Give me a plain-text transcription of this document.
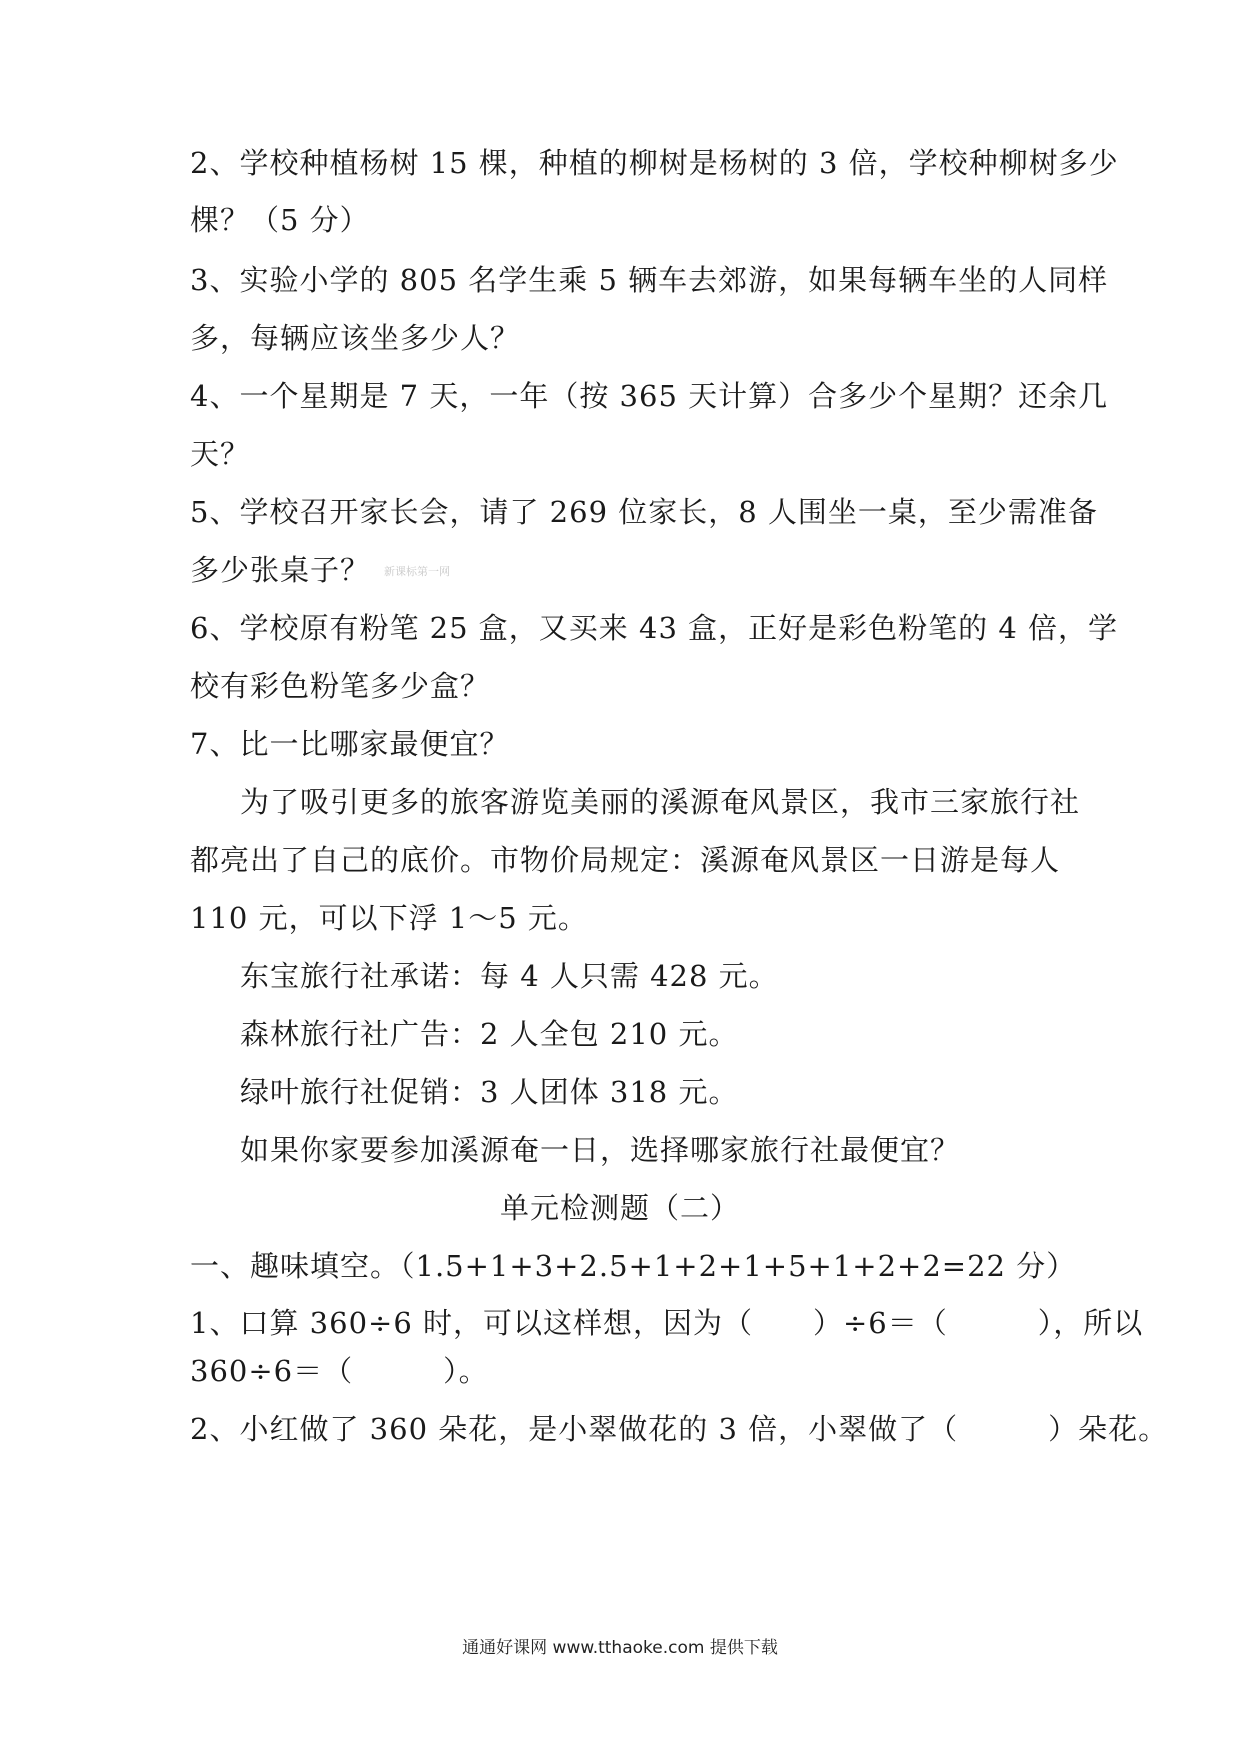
2、学校种植杨树 15 棵，种植的柳树是杨树的 3 倍，学校种柳树多少
棵？（5 分）
3、实验小学的 805 名学生乘 5 辆车去郊游，如果每辆车坐的人同样
多，每辆应该坐多少人？
4、一个星期是 7 天，一年（按 365 天计算）合多少个星期？还余几
天？
5、学校召开家长会，请了 269 位家长，8 人围坐一桌，至少需准备
多少张桌子？ 新课标第一网
6、学校原有粉笔 25 盒，又买来 43 盒，正好是彩色粉笔的 4 倍，学
校有彩色粉笔多少盒？
7、比一比哪家最便宜？
为了吸引更多的旅客游览美丽的溪源奄风景区，我市三家旅行社
都亮出了自己的底价。市物价局规定：溪源奄风景区一日游是每人
110 元，可以下浮 1～5 元。
东宝旅行社承诺：每 4 人只需 428 元。
森林旅行社广告：2 人全包 210 元。
绿叶旅行社促销：3 人团体 318 元。
如果你家要参加溪源奄一日，选择哪家旅行社最便宜？
单元检测题（二）
一、趣味填空。（1.5+1+3+2.5+1+2+1+5+1+2+2=22 分）
1、口算 360÷6 时，可以这样想，因为（　　）÷6＝（　　　），所以
360÷6＝（　　　）。
2、小红做了 360 朵花，是小翠做花的 3 倍，小翠做了（　　　）朵花。
通通好课网 www.tthaoke.com 提供下载
